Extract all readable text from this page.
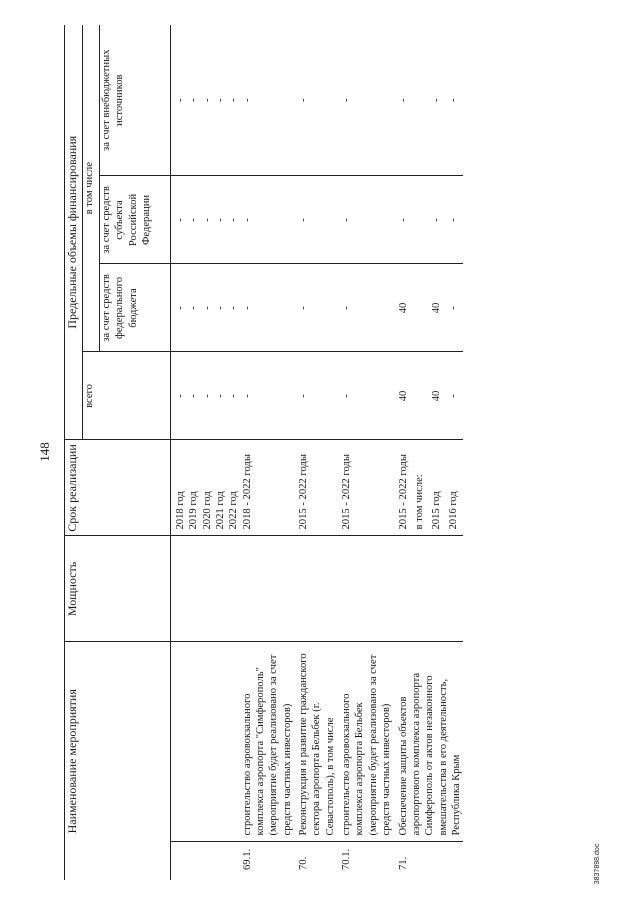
148
Наименование мероприятия		Мощность	Срок реализации	Предельные объемы финансирования			
				всего	в том числе		
					за счет средств федерального бюджета	за счет средств субъекта Российской Федерации	за счет внебюджетных источников

			2018 год	-	-	-	-
			2019 год	-	-	-	-
			2020 год	-	-	-	-
			2021 год	-	-	-	-
			2022 год	-	-	-	-
69.1.	строительство аэровокзального комплекса аэропорта "Симферополь" (мероприятие будет реализовано за счет средств частных инвесторов)		2018 - 2022 годы	-	-	-	-

70.	Реконструкция и развитие гражданского сектора аэропорта Бельбек (г. Севастополь), в том числе		2015 - 2022 годы	-	-	-	-

70.1.	строительство аэровокзального комплекса аэропорта Бельбек (мероприятие будет реализовано за счет средств частных инвесторов)		2015 - 2022 годы	-	-	-	-

71.	Обеспечение защиты объектов аэропортового комплекса аэропорта Симферополь от актов незаконного вмешательства в его деятельность, Республика Крым		2015 - 2022 годы	40	40	-	-
			в том числе:				
			2015 год	40	40	-	-
			2016 год	-	-	-	-
3837898.doc
